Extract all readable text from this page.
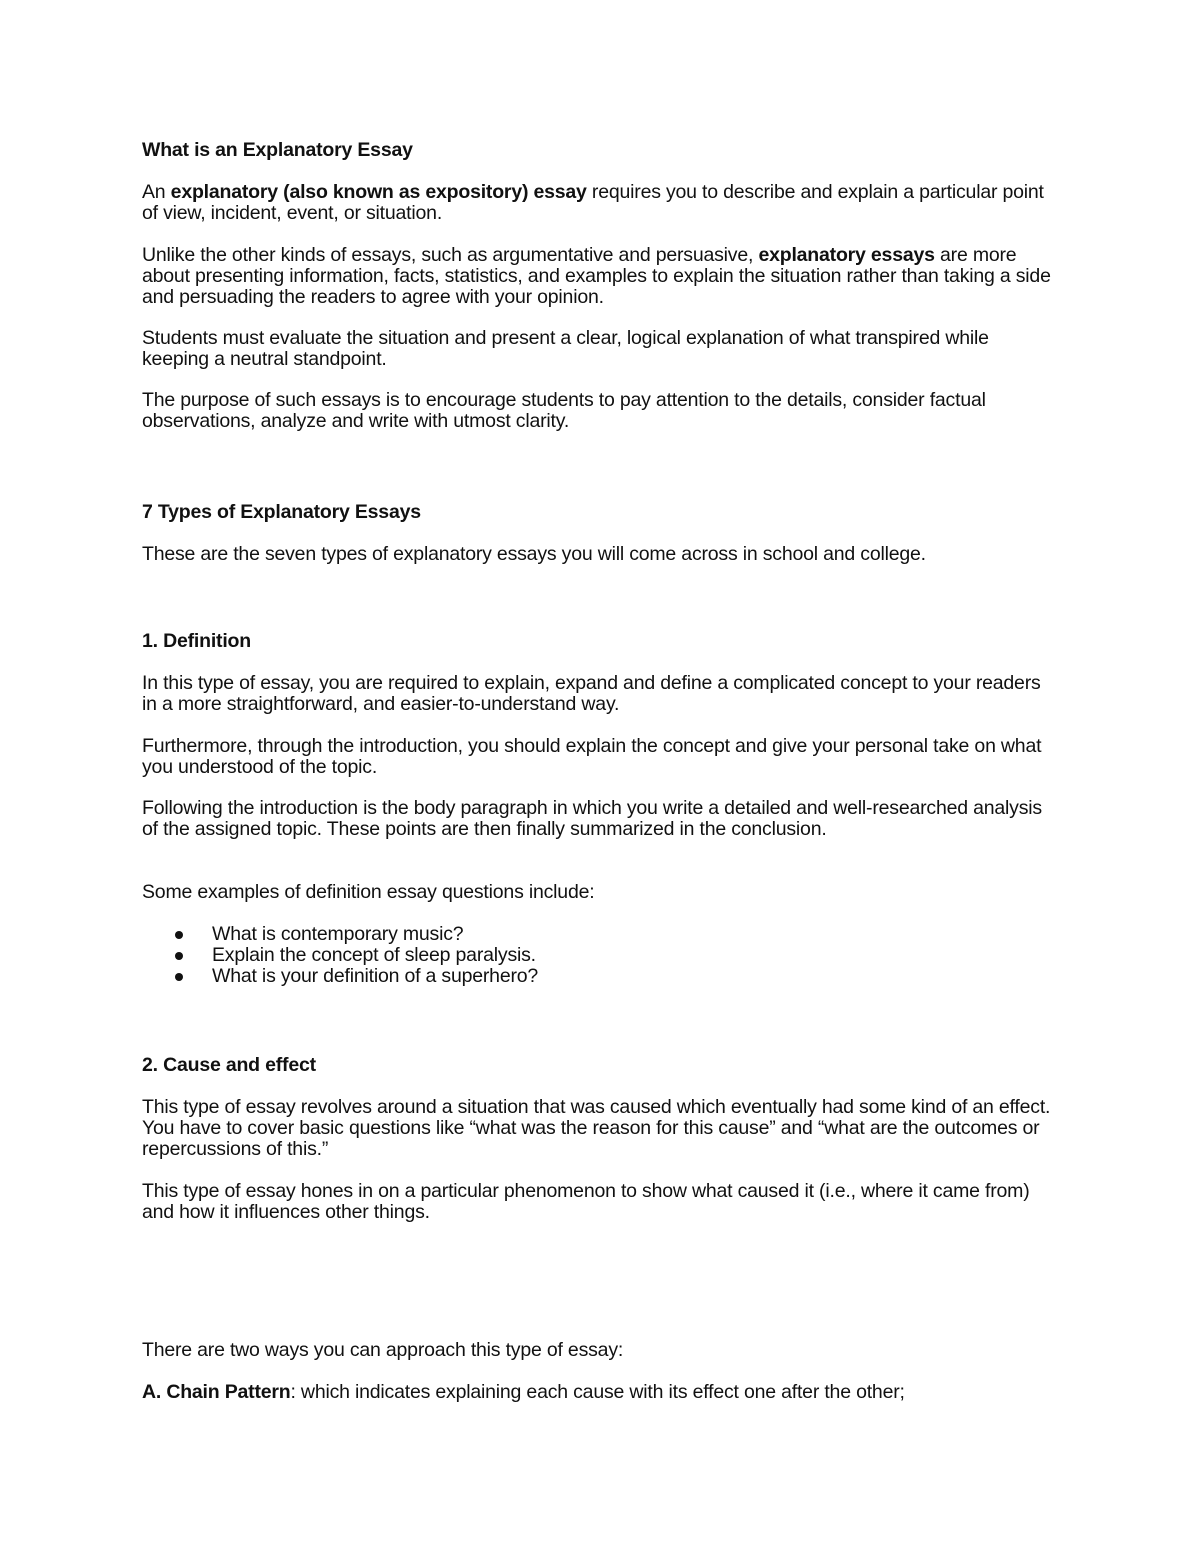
What is an Explanatory Essay

An explanatory (also known as expository) essay requires you to describe and explain a particular point of view, incident, event, or situation.

Unlike the other kinds of essays, such as argumentative and persuasive, explanatory essays are more about presenting information, facts, statistics, and examples to explain the situation rather than taking a side and persuading the readers to agree with your opinion.

Students must evaluate the situation and present a clear, logical explanation of what transpired while keeping a neutral standpoint.

The purpose of such essays is to encourage students to pay attention to the details, consider factual observations, analyze and write with utmost clarity.

7 Types of Explanatory Essays

These are the seven types of explanatory essays you will come across in school and college.

1. Definition

In this type of essay, you are required to explain, expand and define a complicated concept to your readers in a more straightforward, and easier-to-understand way.

Furthermore, through the introduction, you should explain the concept and give your personal take on what you understood of the topic.

Following the introduction is the body paragraph in which you write a detailed and well-researched analysis of the assigned topic. These points are then finally summarized in the conclusion.

Some examples of definition essay questions include:

What is contemporary music?
Explain the concept of sleep paralysis.
What is your definition of a superhero?

2. Cause and effect

This type of essay revolves around a situation that was caused which eventually had some kind of an effect. You have to cover basic questions like “what was the reason for this cause” and “what are the outcomes or repercussions of this.”

This type of essay hones in on a particular phenomenon to show what caused it (i.e., where it came from) and how it influences other things.

There are two ways you can approach this type of essay:

A. Chain Pattern: which indicates explaining each cause with its effect one after the other;
